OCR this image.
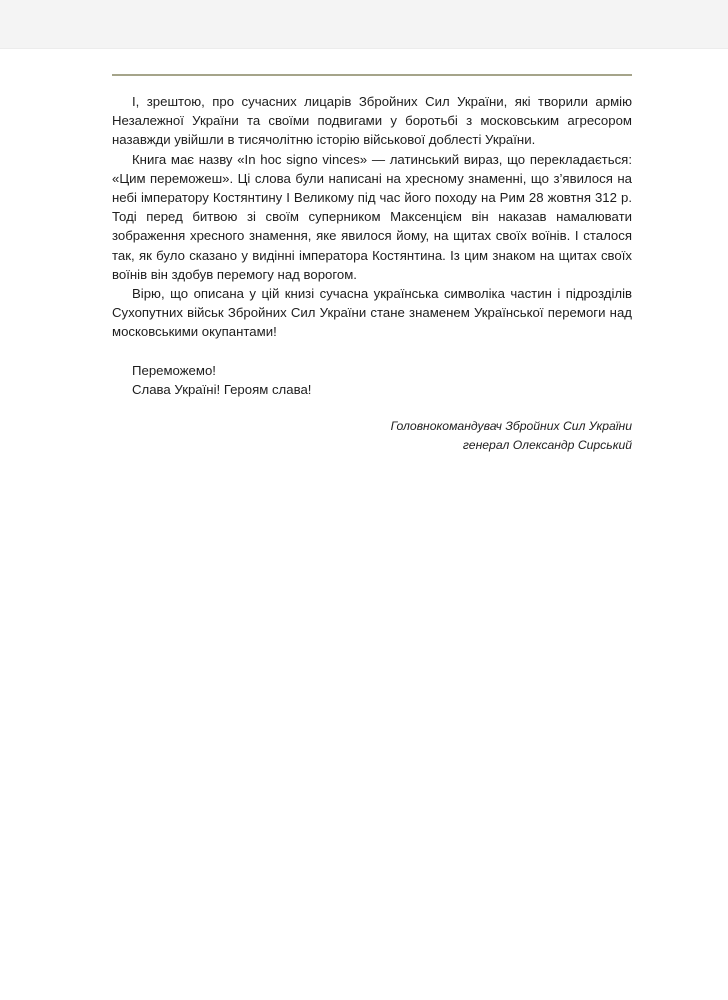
І, зрештою, про сучасних лицарів Збройних Сил України, які творили армію Незалежної України та своїми подвигами у боротьбі з московським агресором назавжди увійшли в тисячолітню історію військової доблесті України.

Книга має назву «In hoc signo vinces» — латинський вираз, що перекладається: «Цим переможеш». Ці слова були написані на хресному знаменні, що з’явилося на небі імператору Костянтину І Великому під час його походу на Рим 28 жовтня 312 р. Тоді перед битвою зі своїм суперником Максенцієм він наказав намалювати зображення хресного знамення, яке явилося йому, на щитах своїх воїнів. І сталося так, як було сказано у видінні імператора Костянтина. Із цим знаком на щитах своїх воїнів він здобув перемогу над ворогом.

Вірю, що описана у цій книзі сучасна українська символіка частин і підрозділів Сухопутних військ Збройних Сил України стане знаменем Української перемоги над московськими окупантами!

Переможемо!

Слава Україні! Героям слава!

Головнокомандувач Збройних Сил України

генерал Олександр Сирський
